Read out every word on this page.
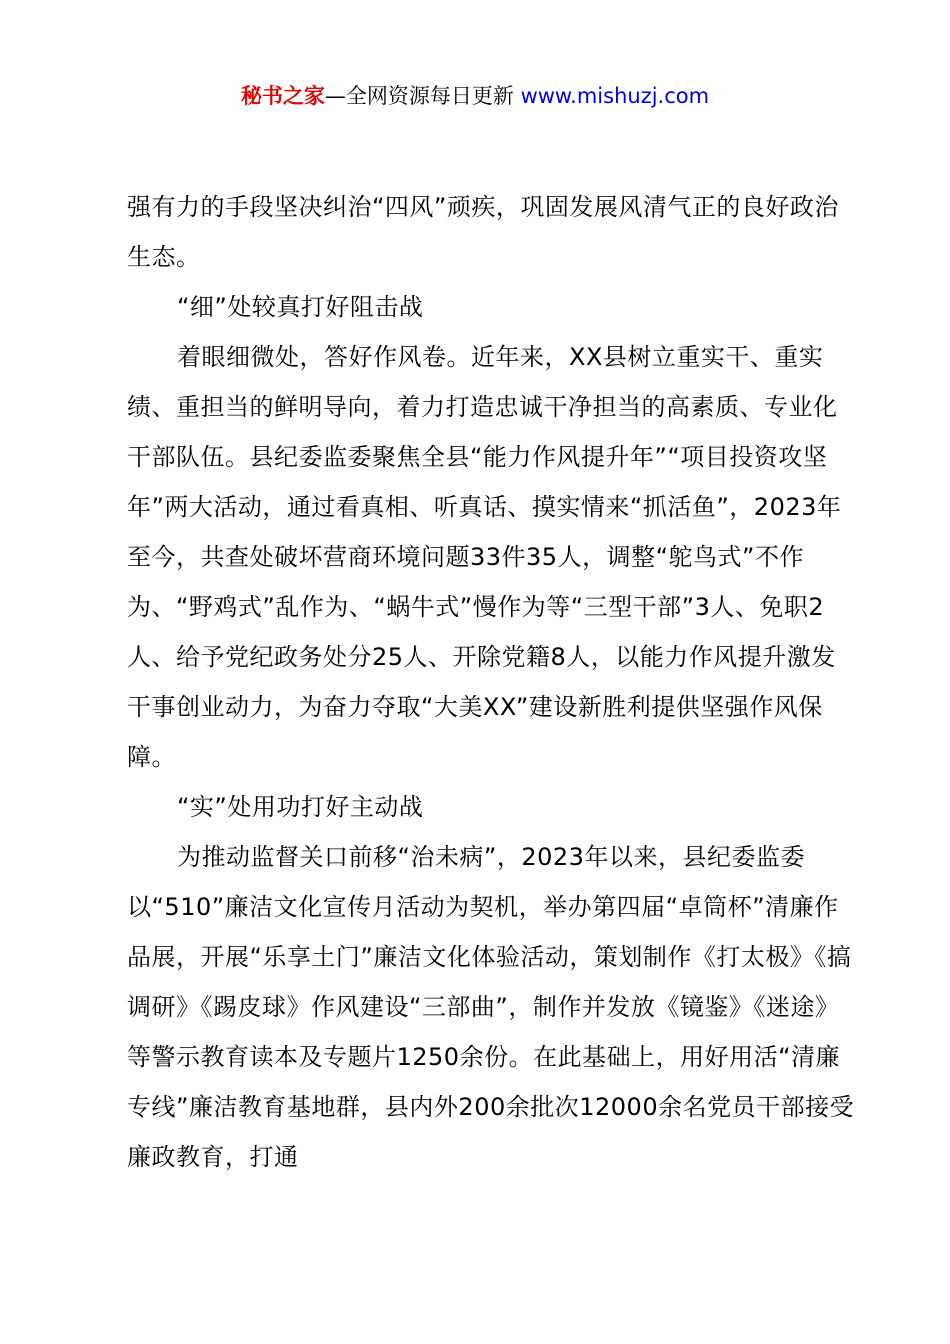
秘书之家—全网资源每日更新 www.mishuzj.com

强有力的手段坚决纠治“四风”顽疾，巩固发展风清气正的良好政治生态。

“细”处较真打好阻击战

着眼细微处，答好作风卷。近年来，XX县树立重实干、重实绩、重担当的鲜明导向，着力打造忠诚干净担当的高素质、专业化干部队伍。县纪委监委聚焦全县“能力作风提升年”“项目投资攻坚年”两大活动，通过看真相、听真话、摸实情来“抓活鱼”，2023年至今，共查处破坏营商环境问题33件35人，调整“鸵鸟式”不作为、“野鸡式”乱作为、“蜗牛式”慢作为等“三型干部”3人、免职2人、给予党纪政务处分25人、开除党籍8人，以能力作风提升激发干事创业动力，为奋力夺取“大美XX”建设新胜利提供坚强作风保障。

“实”处用功打好主动战

为推动监督关口前移“治未病”，2023年以来，县纪委监委以“510”廉洁文化宣传月活动为契机，举办第四届“卓筒杯”清廉作品展，开展“乐享土门”廉洁文化体验活动，策划制作《打太极》《搞调研》《踢皮球》作风建设“三部曲”，制作并发放《镜鉴》《迷途》等警示教育读本及专题片1250余份。在此基础上，用好用活“清廉专线”廉洁教育基地群，县内外200余批次12000余名党员干部接受廉政教育，打通
